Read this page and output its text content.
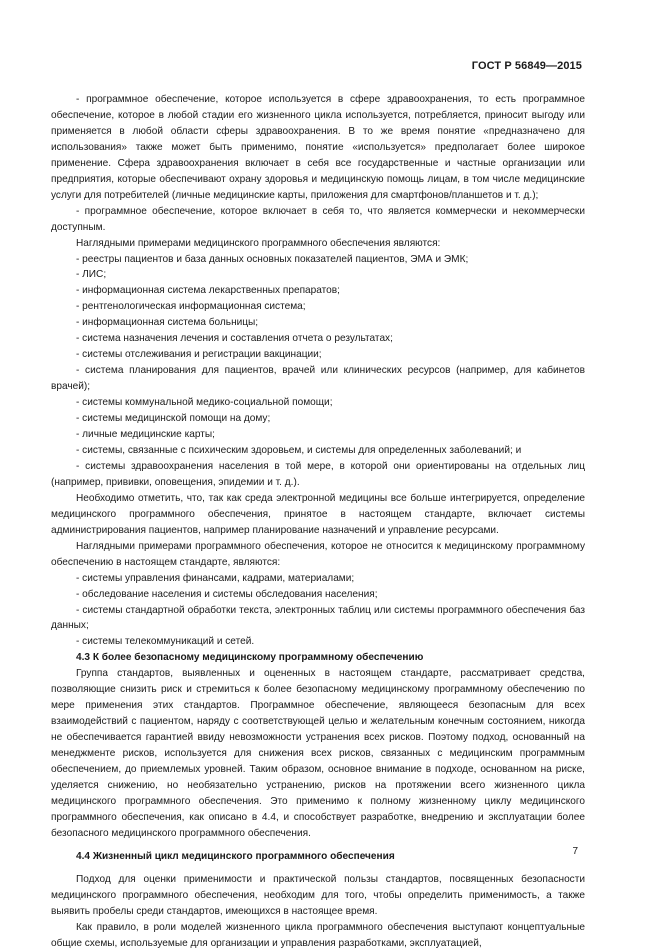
ГОСТ Р 56849—2015

- программное обеспечение, которое используется в сфере здравоохранения, то есть программное обеспечение, которое в любой стадии его жизненного цикла используется, потребляется, приносит выгоду или применяется в любой области сферы здравоохранения. В то же время понятие «предназначено для использования» также может быть применимо, понятие «используется» предполагает более широкое применение. Сфера здравоохранения включает в себя все государственные и частные организации или предприятия, которые обеспечивают охрану здоровья и медицинскую помощь лицам, в том числе медицинские услуги для потребителей (личные медицинские карты, приложения для смартфонов/планшетов и т. д.);

- программное обеспечение, которое включает в себя то, что является коммерчески и некоммерчески доступным.

Наглядными примерами медицинского программного обеспечения являются:

- реестры пациентов и база данных основных показателей пациентов, ЭМА и ЭМК;

- ЛИС;

- информационная система лекарственных препаратов;

- рентгенологическая информационная система;

- информационная система больницы;

- система назначения лечения и составления отчета о результатах;

- системы отслеживания и регистрации вакцинации;

- система планирования для пациентов, врачей или клинических ресурсов (например, для кабинетов врачей);

- системы коммунальной медико-социальной помощи;

- системы медицинской помощи на дому;

- личные медицинские карты;

- системы, связанные с психическим здоровьем, и системы для определенных заболеваний; и

- системы здравоохранения населения в той мере, в которой они ориентированы на отдельных лиц (например, прививки, оповещения, эпидемии и т. д.).

Необходимо отметить, что, так как среда электронной медицины все больше интегрируется, определение медицинского программного обеспечения, принятое в настоящем стандарте, включает системы администрирования пациентов, например планирование назначений и управление ресурсами.

Наглядными примерами программного обеспечения, которое не относится к медицинскому программному обеспечению в настоящем стандарте, являются:

- системы управления финансами, кадрами, материалами;

- обследование населения и системы обследования населения;

- системы стандартной обработки текста, электронных таблиц или системы программного обеспечения баз данных;

- системы телекоммуникаций и сетей.

4.3 К более безопасному медицинскому программному обеспечению

Группа стандартов, выявленных и оцененных в настоящем стандарте, рассматривает средства, позволяющие снизить риск и стремиться к более безопасному медицинскому программному обеспечению по мере применения этих стандартов. Программное обеспечение, являющееся безопасным для всех взаимодействий с пациентом, наряду с соответствующей целью и желательным конечным состоянием, никогда не обеспечивается гарантией ввиду невозможности устранения всех рисков. Поэтому подход, основанный на менеджменте рисков, используется для снижения всех рисков, связанных с медицинским программным обеспечением, до приемлемых уровней. Таким образом, основное внимание в подходе, основанном на риске, уделяется снижению, но необязательно устранению, рисков на протяжении всего жизненного цикла медицинского программного обеспечения. Это применимо к полному жизненному циклу медицинского программного обеспечения, как описано в 4.4, и способствует разработке, внедрению и эксплуатации более безопасного медицинского программного обеспечения.

4.4 Жизненный цикл медицинского программного обеспечения

Подход для оценки применимости и практической пользы стандартов, посвященных безопасности медицинского программного обеспечения, необходим для того, чтобы определить применимость, а также выявить пробелы среди стандартов, имеющихся в настоящее время.

Как правило, в роли моделей жизненного цикла программного обеспечения выступают концептуальные общие схемы, используемые для организации и управления разработками, эксплуатацией,

7
